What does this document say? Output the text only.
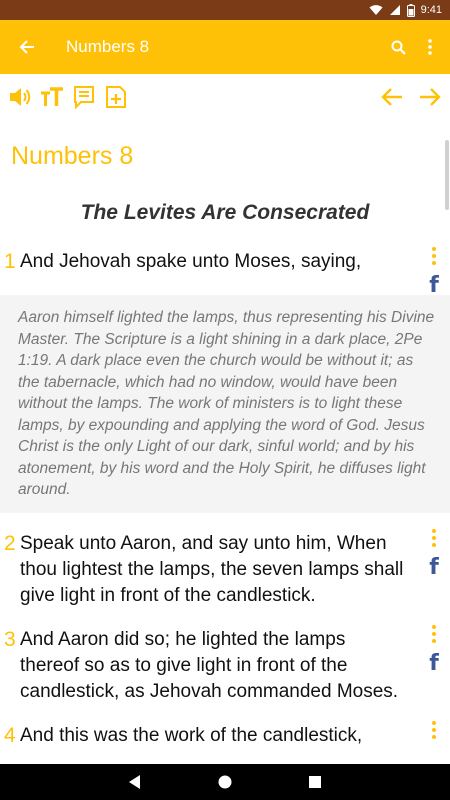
9:41
Numbers 8
Numbers 8
The Levites Are Consecrated
1 And Jehovah spake unto Moses, saying,
f
Aaron himself lighted the lamps, thus representing his Divine Master. The Scripture is a light shining in a dark place, 2Pe 1:19. A dark place even the church would be without it; as the tabernacle, which had no window, would have been without the lamps. The work of ministers is to light these lamps, by expounding and applying the word of God. Jesus Christ is the only Light of our dark, sinful world; and by his atonement, by his word and the Holy Spirit, he diffuses light around.
2 Speak unto Aaron, and say unto him, When thou lightest the lamps, the seven lamps shall give light in front of the candlestick.
f
3 And Aaron did so; he lighted the lamps thereof so as to give light in front of the candlestick, as Jehovah commanded Moses.
f
4 And this was the work of the candlestick,
